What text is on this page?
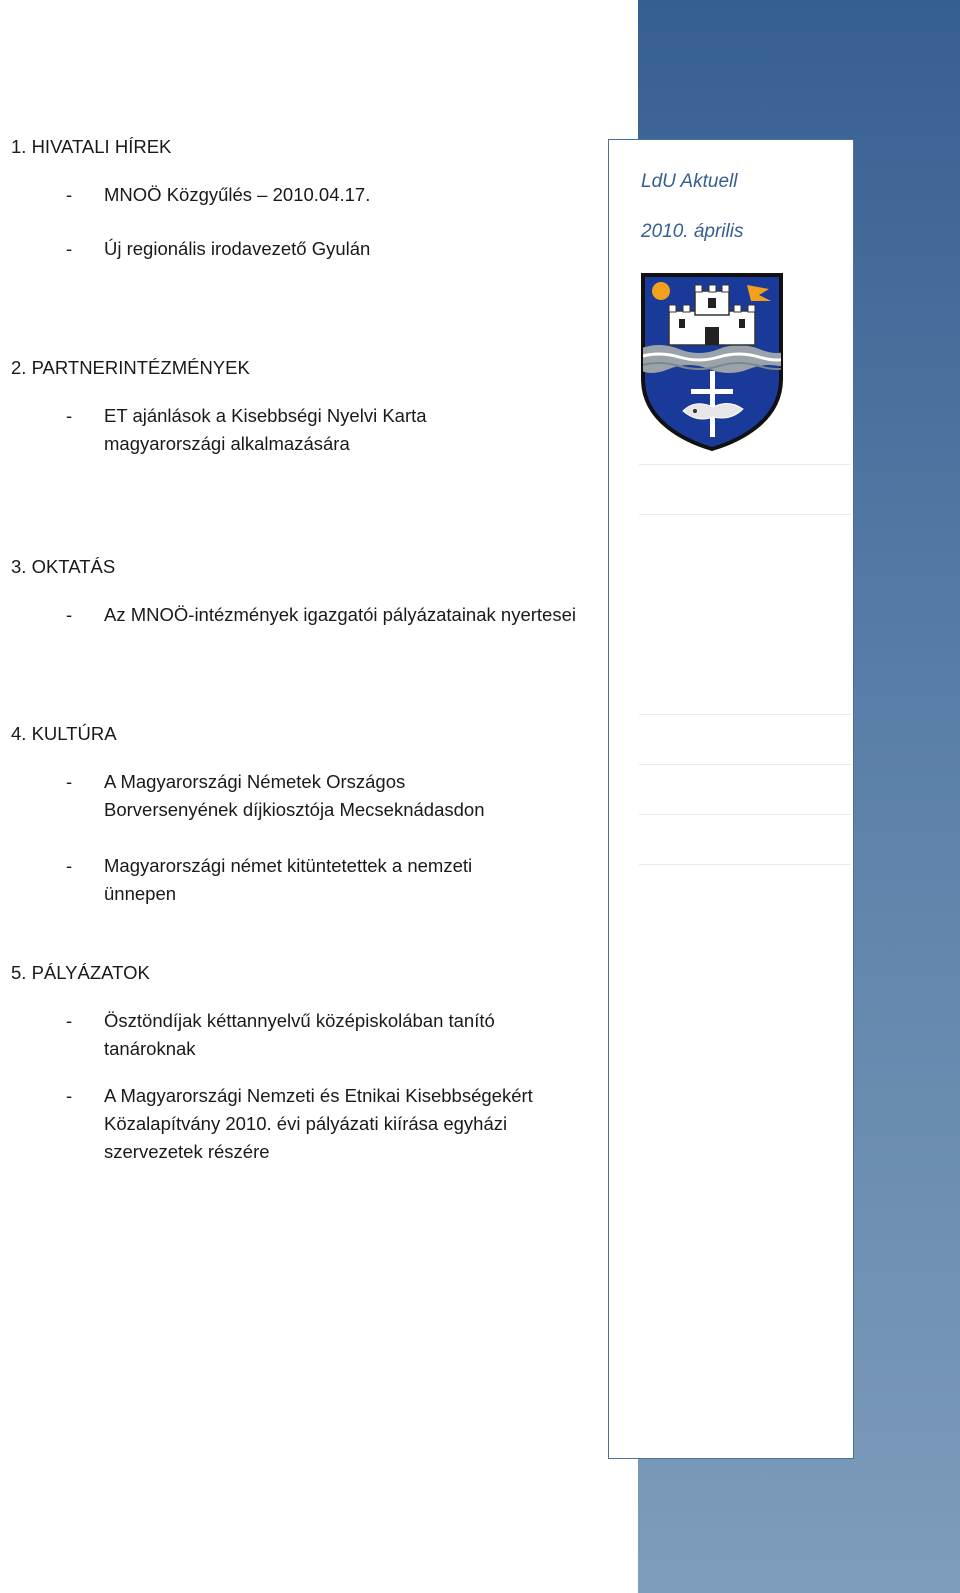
LdU Aktuell
2010. április
1. HIVATALI HÍREK
- MNOÖ Közgyűlés – 2010.04.17.
- Új regionális irodavezető Gyulán
2. PARTNERINTÉZMÉNYEK
- ET ajánlások a Kisebbségi Nyelvi Karta magyarországi alkalmazására
3. OKTATÁS
- Az MNOÖ-intézmények igazgatói pályázatainak nyertesei
4. KULTÚRA
- A Magyarországi Németek Országos Borversenyének díjkiosztója Mecseknádasdon
- Magyarországi német kitüntetettek a nemzeti ünnepen
5. PÁLYÁZATOK
- Ösztöndíjak kéttannyelvű középiskolában tanító tanároknak
- A Magyarországi Nemzeti és Etnikai Kisebbségekért Közalapítvány 2010. évi pályázati kiírása egyházi szervezetek részére
